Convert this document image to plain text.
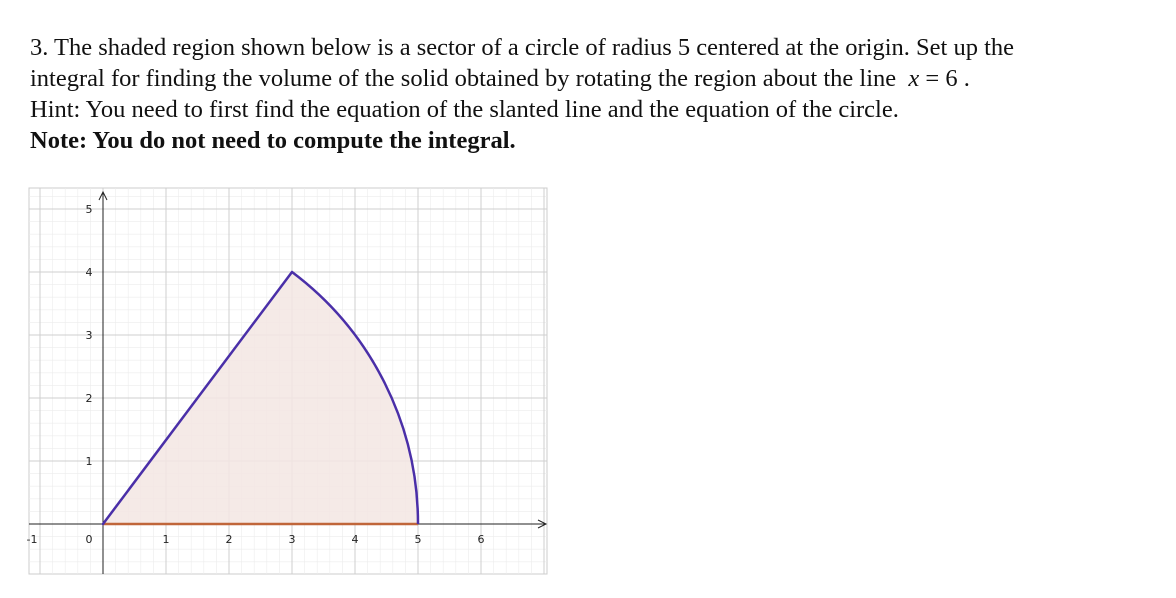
3. The shaded region shown below is a sector of a circle of radius 5 centered at the origin. Set up the
integral for finding the volume of the solid obtained by rotating the region about the line x = 6 .
Hint: You need to first find the equation of the slanted line and the equation of the circle.
Note: You do not need to compute the integral.
-1	0	1	2	3	4	5	6
1
2
3
4
5
